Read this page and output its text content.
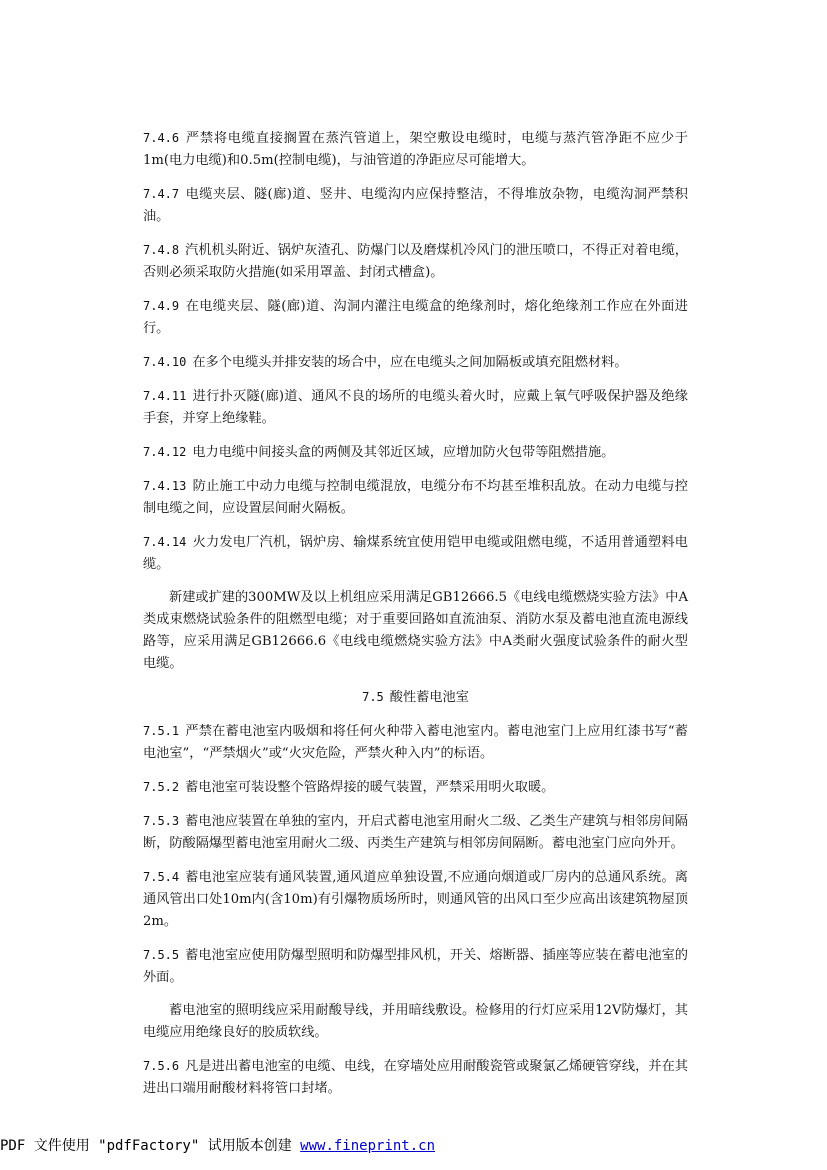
7.4.6 严禁将电缆直接搁置在蒸汽管道上，架空敷设电缆时，电缆与蒸汽管净距不应少于1m(电力电缆)和0.5m(控制电缆)，与油管道的净距应尽可能增大。

7.4.7 电缆夹层、隧(廊)道、竖井、电缆沟内应保持整洁，不得堆放杂物，电缆沟洞严禁积油。

7.4.8 汽机机头附近、锅炉灰渣孔、防爆门以及磨煤机冷风门的泄压喷口，不得正对着电缆，否则必须采取防火措施(如采用罩盖、封闭式槽盒)。

7.4.9 在电缆夹层、隧(廊)道、沟洞内灌注电缆盒的绝缘剂时，熔化绝缘剂工作应在外面进行。

7.4.10 在多个电缆头并排安装的场合中，应在电缆头之间加隔板或填充阻燃材料。

7.4.11 进行扑灭隧(廊)道、通风不良的场所的电缆头着火时，应戴上氧气呼吸保护器及绝缘手套，并穿上绝缘鞋。

7.4.12 电力电缆中间接头盒的两侧及其邻近区域，应增加防火包带等阻燃措施。

7.4.13 防止施工中动力电缆与控制电缆混放，电缆分布不均甚至堆积乱放。在动力电缆与控制电缆之间，应设置层间耐火隔板。

7.4.14 火力发电厂汽机，锅炉房、输煤系统宜使用铠甲电缆或阻燃电缆，不适用普通塑料电缆。

新建或扩建的300MW及以上机组应采用满足GB12666.5《电线电缆燃烧实验方法》中A类成束燃烧试验条件的阻燃型电缆；对于重要回路如直流油泵、消防水泵及蓄电池直流电源线路等，应采用满足GB12666.6《电线电缆燃烧实验方法》中A类耐火强度试验条件的耐火型电缆。

7.5 酸性蓄电池室

7.5.1 严禁在蓄电池室内吸烟和将任何火种带入蓄电池室内。蓄电池室门上应用红漆书写“蓄电池室”，“严禁烟火”或“火灾危险，严禁火种入内”的标语。

7.5.2 蓄电池室可装设整个管路焊接的暖气装置，严禁采用明火取暖。

7.5.3 蓄电池应装置在单独的室内，开启式蓄电池室用耐火二级、乙类生产建筑与相邻房间隔断，防酸隔爆型蓄电池室用耐火二级、丙类生产建筑与相邻房间隔断。蓄电池室门应向外开。

7.5.4 蓄电池室应装有通风装置,通风道应单独设置,不应通向烟道或厂房内的总通风系统。离通风管出口处10m内(含10m)有引爆物质场所时，则通风管的出风口至少应高出该建筑物屋顶2m。

7.5.5 蓄电池室应使用防爆型照明和防爆型排风机，开关、熔断器、插座等应装在蓄电池室的外面。

蓄电池室的照明线应采用耐酸导线，并用暗线敷设。检修用的行灯应采用12V防爆灯，其电缆应用绝缘良好的胶质软线。

7.5.6 凡是进出蓄电池室的电缆、电线，在穿墙处应用耐酸瓷管或聚氯乙烯硬管穿线，并在其进出口端用耐酸材料将管口封堵。

PDF 文件使用 "pdfFactory" 试用版本创建 www.fineprint.cn
